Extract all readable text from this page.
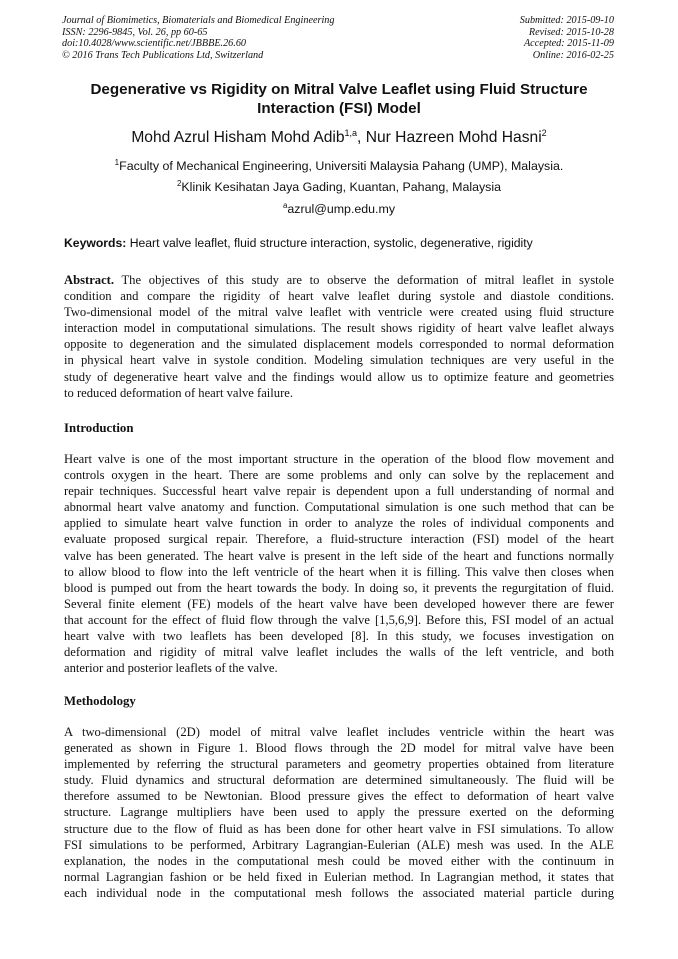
Journal of Biomimetics, Biomaterials and Biomedical Engineering
ISSN: 2296-9845, Vol. 26, pp 60-65
doi:10.4028/www.scientific.net/JBBBE.26.60
© 2016 Trans Tech Publications Ltd, Switzerland
Submitted: 2015-09-10
Revised: 2015-10-28
Accepted: 2015-11-09
Online: 2016-02-25
Degenerative vs Rigidity on Mitral Valve Leaflet using Fluid Structure
Interaction (FSI) Model
Mohd Azrul Hisham Mohd Adib$^{1,a}$, Nur Hazreen Mohd Hasni$^2$
$^1$Faculty of Mechanical Engineering, Universiti Malaysia Pahang (UMP), Malaysia.
$^2$Klinik Kesihatan Jaya Gading, Kuantan, Pahang, Malaysia
$^a$azrul@ump.edu.my
Keywords: Heart valve leaflet, fluid structure interaction, systolic, degenerative, rigidity
Abstract. The objectives of this study are to observe the deformation of mitral leaflet in systole
condition and compare the rigidity of heart valve leaflet during systole and diastole conditions.
Two-dimensional model of the mitral valve leaflet with ventricle were created using fluid structure
interaction model in computational simulations. The result shows rigidity of heart valve leaflet always
opposite to degeneration and the simulated displacement models corresponded to normal deformation
in physical heart valve in systole condition. Modeling simulation techniques are very useful in the
study of degenerative heart valve and the findings would allow us to optimize feature and geometries
to reduced deformation of heart valve failure.
Introduction
Heart valve is one of the most important structure in the operation of the blood flow movement and
controls oxygen in the heart. There are some problems and only can solve by the replacement and
repair techniques. Successful heart valve repair is dependent upon a full understanding of normal and
abnormal heart valve anatomy and function. Computational simulation is one such method that can be
applied to simulate heart valve function in order to analyze the roles of individual components and
evaluate proposed surgical repair. Therefore, a fluid-structure interaction (FSI) model of the heart
valve has been generated. The heart valve is present in the left side of the heart and functions normally
to allow blood to flow into the left ventricle of the heart when it is filling. This valve then closes when
blood is pumped out from the heart towards the body. In doing so, it prevents the regurgitation of fluid.
Several finite element (FE) models of the heart valve have been developed however there are fewer
that account for the effect of fluid flow through the valve [1,5,6,9]. Before this, FSI model of an actual
heart valve with two leaflets has been developed [8]. In this study, we focuses investigation on
deformation and rigidity of mitral valve leaflet includes the walls of the left ventricle, and both
anterior and posterior leaflets of the valve.
Methodology
A two-dimensional (2D) model of mitral valve leaflet includes ventricle within the heart was
generated as shown in Figure 1. Blood flows through the 2D model for mitral valve have been
implemented by referring the structural parameters and geometry properties obtained from literature
study. Fluid dynamics and structural deformation are determined simultaneously. The fluid will be
therefore assumed to be Newtonian. Blood pressure gives the effect to deformation of heart valve
structure. Lagrange multipliers have been used to apply the pressure exerted on the deforming
structure due to the flow of fluid as has been done for other heart valve in FSI simulations. To allow
FSI simulations to be performed, Arbitrary Lagrangian-Eulerian (ALE) mesh was used. In the ALE
explanation, the nodes in the computational mesh could be moved either with the continuum in
normal Lagrangian fashion or be held fixed in Eulerian method. In Lagrangian method, it states that
each individual node in the computational mesh follows the associated material particle during
